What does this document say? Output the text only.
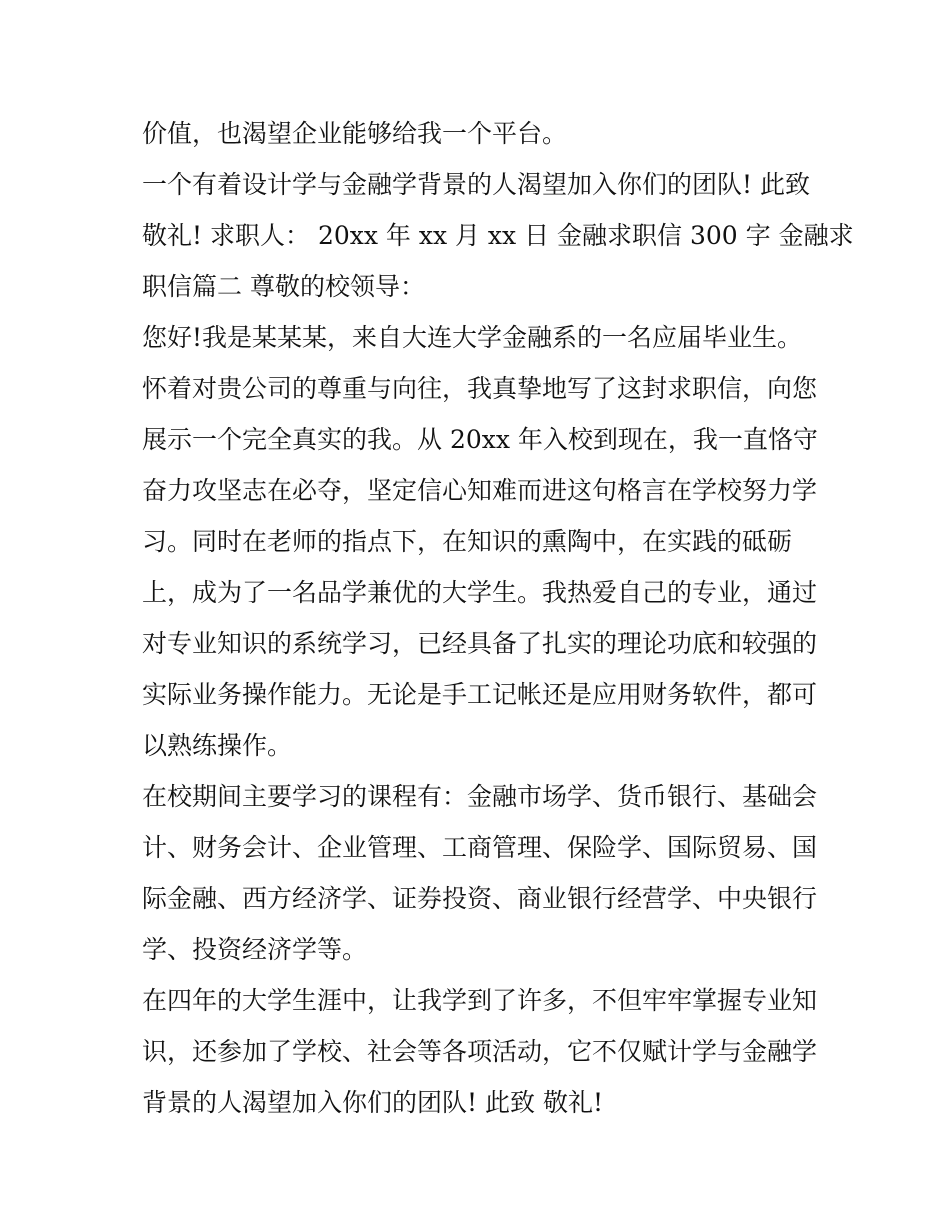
价值，也渴望企业能够给我一个平台。
一个有着设计学与金融学背景的人渴望加入你们的团队! 此致
敬礼! 求职人： 20xx 年 xx 月 xx 日 金融求职信 300 字 金融求
职信篇二 尊敬的校领导：
您好!我是某某某，来自大连大学金融系的一名应届毕业生。
怀着对贵公司的尊重与向往，我真挚地写了这封求职信，向您
展示一个完全真实的我。从 20xx 年入校到现在，我一直恪守
奋力攻坚志在必夺，坚定信心知难而进这句格言在学校努力学
习。同时在老师的指点下，在知识的熏陶中，在实践的砥砺
上，成为了一名品学兼优的大学生。我热爱自己的专业，通过
对专业知识的系统学习，已经具备了扎实的理论功底和较强的
实际业务操作能力。无论是手工记帐还是应用财务软件，都可
以熟练操作。
在校期间主要学习的课程有：金融市场学、货币银行、基础会
计、财务会计、企业管理、工商管理、保险学、国际贸易、国
际金融、西方经济学、证券投资、商业银行经营学、中央银行
学、投资经济学等。
在四年的大学生涯中，让我学到了许多，不但牢牢掌握专业知
识，还参加了学校、社会等各项活动，它不仅赋计学与金融学
背景的人渴望加入你们的团队! 此致 敬礼!
